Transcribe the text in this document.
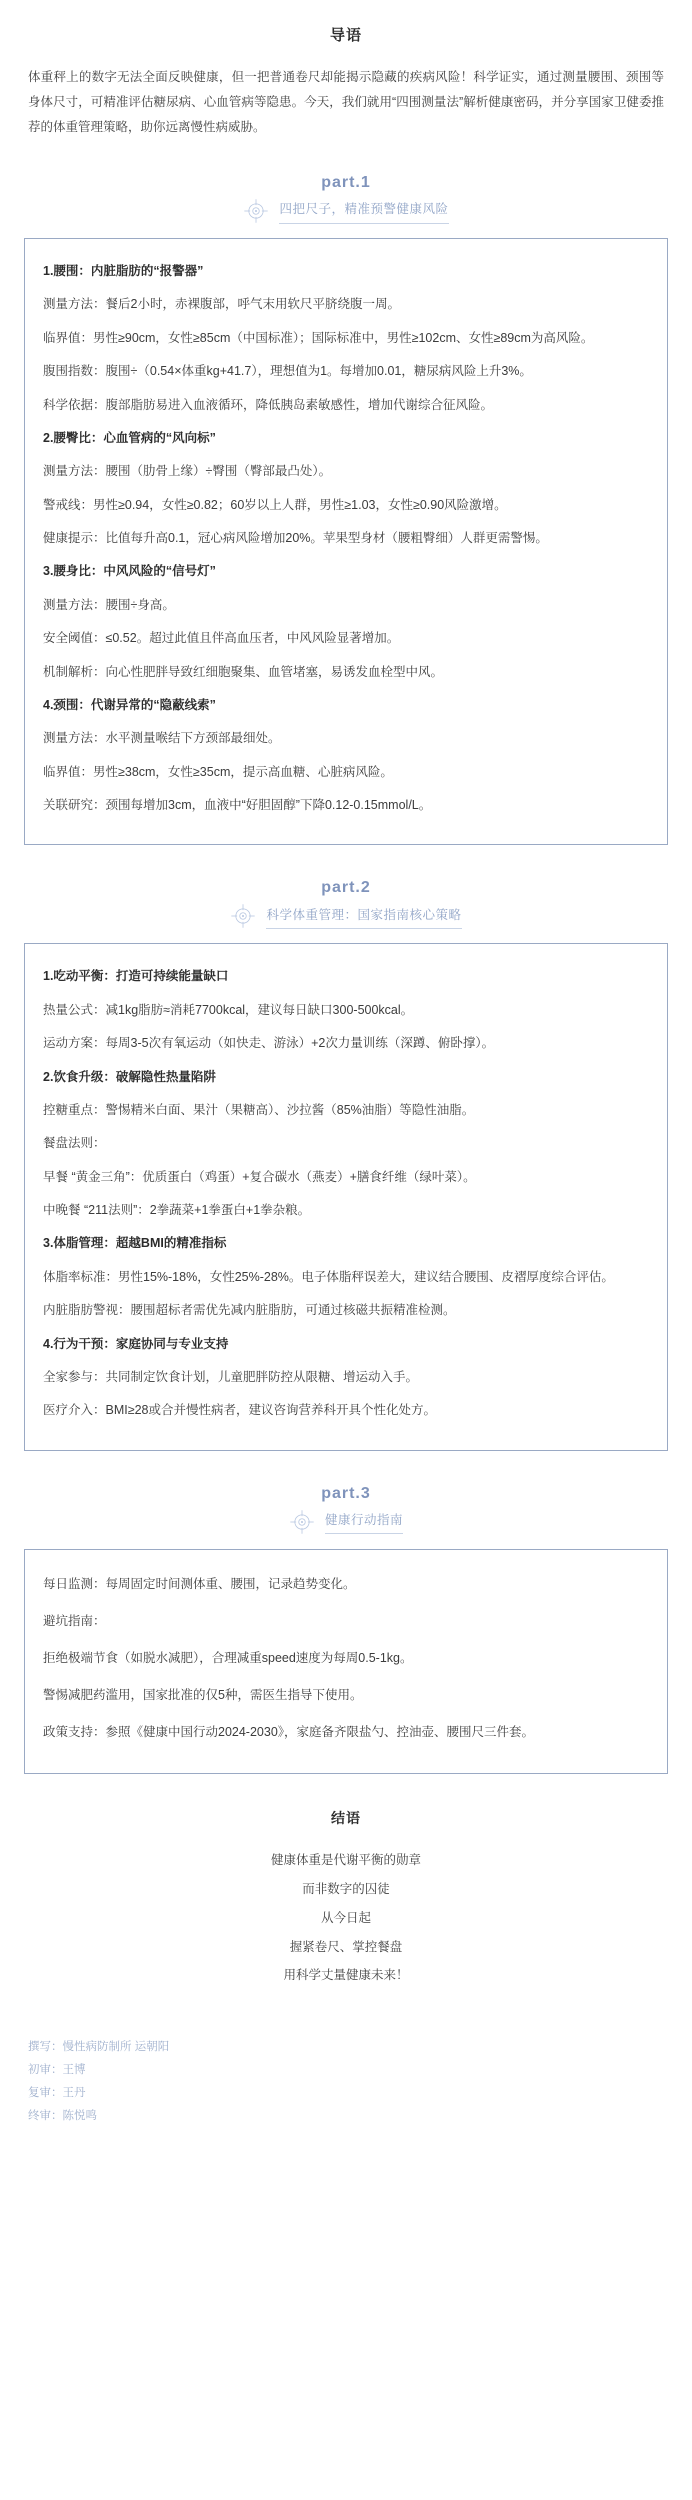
导语
体重秤上的数字无法全面反映健康，但一把普通卷尺却能揭示隐藏的疾病风险！科学证实，通过测量腰围、颈围等身体尺寸，可精准评估糖尿病、心血管病等隐患。今天，我们就用“四围测量法”解析健康密码，并分享国家卫健委推荐的体重管理策略，助你远离慢性病威胁。
part.1
四把尺子，精准预警健康风险

1.腰围：内脏脂肪的“报警器”

测量方法：餐后2小时，赤裸腹部，呼气末用软尺平脐绕腹一周。

临界值：男性≥90cm，女性≥85cm（中国标准）；国际标准中，男性≥102cm、女性≥89cm为高风险。

腹围指数：腹围÷（0.54×体重kg+41.7），理想值为1。每增加0.01，糖尿病风险上升3%。

科学依据：腹部脂肪易进入血液循环，降低胰岛素敏感性，增加代谢综合征风险。

2.腰臀比：心血管病的“风向标”

测量方法：腰围（肋骨上缘）÷臀围（臀部最凸处）。

警戒线：男性≥0.94，女性≥0.82；60岁以上人群，男性≥1.03，女性≥0.90风险激增。

健康提示：比值每升高0.1，冠心病风险增加20%。苹果型身材（腰粗臀细）人群更需警惕。

3.腰身比：中风风险的“信号灯”

测量方法：腰围÷身高。

安全阈值：≤0.52。超过此值且伴高血压者，中风风险显著增加。

机制解析：向心性肥胖导致红细胞聚集、血管堵塞，易诱发血栓型中风。

4.颈围：代谢异常的“隐蔽线索”

测量方法：水平测量喉结下方颈部最细处。

临界值：男性≥38cm，女性≥35cm，提示高血糖、心脏病风险。

关联研究：颈围每增加3cm，血液中“好胆固醇”下降0.12-0.15mmol/L。

part.2
科学体重管理：国家指南核心策略

1.吃动平衡：打造可持续能量缺口

热量公式：减1kg脂肪≈消耗7700kcal，建议每日缺口300-500kcal。

运动方案：每周3-5次有氧运动（如快走、游泳）+2次力量训练（深蹲、俯卧撑）。

2.饮食升级：破解隐性热量陷阱

控糖重点：警惕精米白面、果汁（果糖高）、沙拉酱（85%油脂）等隐性油脂。

餐盘法则：

早餐 “黄金三角”：优质蛋白（鸡蛋）+复合碳水（燕麦）+膳食纤维（绿叶菜）。

中晚餐 “211法则”：2拳蔬菜+1拳蛋白+1拳杂粮。

3.体脂管理：超越BMI的精准指标

体脂率标准：男性15%-18%，女性25%-28%。电子体脂秤误差大，建议结合腰围、皮褶厚度综合评估。

内脏脂肪警视：腰围超标者需优先减内脏脂肪，可通过核磁共振精准检测。

4.行为干预：家庭协同与专业支持

全家参与：共同制定饮食计划，儿童肥胖防控从限糖、增运动入手。

医疗介入：BMI≥28或合并慢性病者，建议咨询营养科开具个性化处方。

part.3
健康行动指南

每日监测：每周固定时间测体重、腰围，记录趋势变化。

避坑指南：

拒绝极端节食（如脱水减肥），合理减重speed速度为每周0.5-1kg。

警惕减肥药滥用，国家批准的仅5种，需医生指导下使用。

政策支持：参照《健康中国行动2024-2030》，家庭备齐限盐勺、控油壶、腰围尺三件套。

结语
健康体重是代谢平衡的勋章
而非数字的囚徒
从今日起
握紧卷尺、掌控餐盘
用科学丈量健康未来！
撰写：慢性病防制所 运朝阳
初审：王博
复审：王丹
终审：陈悦鸣
